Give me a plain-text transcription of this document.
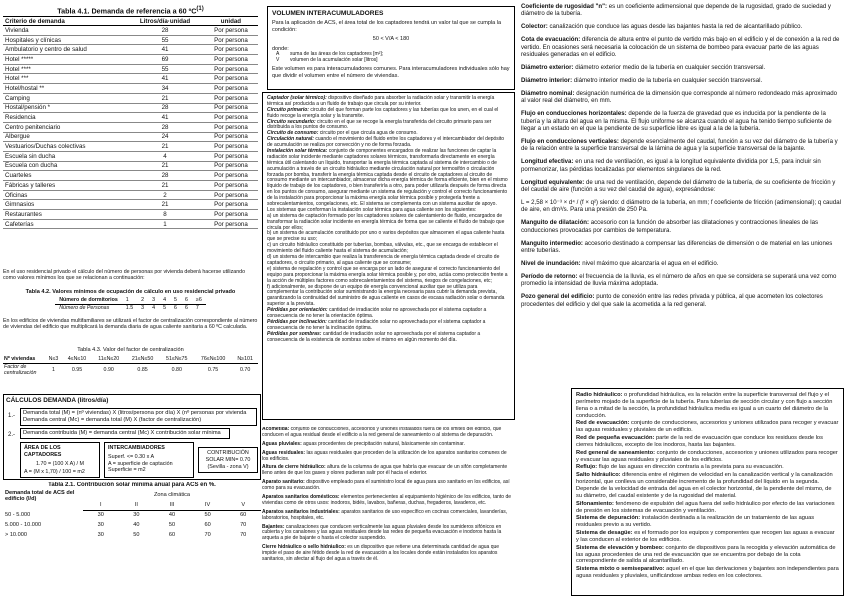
Tabla 4.1. Demanda de referencia a 60 ºC$^{(1)}$
Criterio de demanda	Litros/día·unidad	unidad
Vivienda	28	Por persona
Hospitales y clínicas	55	Por persona
Ambulatorio y centro de salud	41	Por persona
Hotel *****	69	Por persona
Hotel ****	55	Por persona
Hotel ***	41	Por persona
Hotel/hostal **	34	Por persona
Camping	21	Por persona
Hostal/pensión *	28	Por persona
Residencia	41	Por persona
Centro penitenciario	28	Por persona
Albergue	24	Por persona
Vestuarios/Duchas colectivas	21	Por persona
Escuela sin ducha	4	Por persona
Escuela con ducha	21	Por persona
Cuarteles	28	Por persona
Fábricas y talleres	21	Por persona
Oficinas	2	Por persona
Gimnasios	21	Por persona
Restaurantes	8	Por persona
Cafeterías	1	Por persona
En el uso residencial privado el cálculo del número de personas por vivienda deberá hacerse utilizando como valores mínimos los que se relacionan a continuación:
Tabla 4.2. Valores mínimos de ocupación de cálculo en uso residencial privado
Número de dormitorios	1	2	3	4	5	6	≥6
Número de Personas	1.5	3	4	5	6	6	7
En los edificios de viviendas multifamiliares se utilizará el factor de centralización correspondiente al número de viviendas del edificio que multiplicará la demanda diaria de agua caliente sanitaria a 60 ºC calculada.
Tabla 4.3. Valor del factor de centralización
Nº viviendas	N≤3	4≤N≤10	11≤N≤20	21≤N≤50	51≤N≤75	76≤N≤100	N≥101
Factor de centralización	1	0.95	0.90	0.85	0.80	0.75	0.70
CÁLCULOS DEMANDA (litros/día)
1.- Demanda total (M) = (nº viviendas) X (litros/persona por día) X (nº personas por vivienda
Demanda central (Mc) = demanda total (M) X (factor de centralización)
2.-	Demanda contribuida (M) = demanda central (Mc) X contribución solar mínima
ÁREA DE LOS CAPTADORES
1.70 = (100 X A) / M
A = (M x 1,70) / 100 = m2
INTERCAMBIADORES
Superf. <= 0.30 x A
A = superficie de captación
Superficie = m2
CONTRIBUCIÓN
SOLAR MIN= 0.70
(Sevilla - zona V)
Tabla 2.1. Contribución solar mínima anual para ACS en %.
Demanda total de ACS del edificio (l/d)	Zona climática				
	I	II	III	IV	V
50 - 5.000	30	30	40	50	60
5.000 - 10.000	30	40	50	60	70
> 10.000	30	50	60	70	70
VOLUMEN INTERACUMULADORES
Para la aplicación de ACS, el área total de los captadores tendrá un valor tal que se cumpla la condición:
50 < V/A < 180
donde:
A suma de las áreas de los captadores [m²];
V volumen de la acumulación solar [litros]
Este volumen es para interacumuladores comunes. Para interacumuladores individuales sólo hay que dividir el volumen entre el número de viviendas.

Captador (solar térmico): dispositivo diseñado para absorber la radiación solar y transmitir la energía térmica así producida a un fluido de trabajo que circula por su interior.

Circuito primario: circuito del que forman parte los captadores y las tuberías que los unen, en el cual el fluido recoge la energía solar y la transmite.

Circuito secundario: circuito en el que se recoge la energía transferida del circuito primario para ser distribuida a los puntos de consumo.

Circuito de consumo: circuito por el que circula agua de consumo.

Circulación natural: cuando el movimiento del fluido entre los captadores y el intercambiador del depósito de acumulación se realiza por convección y no de forma forzada.

Instalación solar térmica: conjunto de componentes encargados de realizar las funciones de captar la radiación solar incidente mediante captadores solares térmicos, transformarla directamente en energía térmica útil calentando un líquido, transportar la energía térmica captada al sistema de intercambio o de acumulación a través de un circuito hidráulico mediante circulación natural por termosifón o circulación forzada por bomba, transferir la energía térmica captada desde el circuito de captadores al circuito de consumo mediante un intercambiador, almacenar dicha energía térmica de forma eficiente, bien en el mismo líquido de trabajo de los captadores, o bien transferirla a otro, para poder utilizarla después de forma directa en los puntos de consumo, asegurar mediante un sistema de regulación y control el correcto funcionamiento de la instalación para proporcionar la máxima energía solar térmica posible y protegerla frente a sobrecalentamientos, congelaciones, etc. El sistema se complementa con un sistema auxiliar de apoyo.

Los sistemas que conforman la instalación solar térmica para agua caliente son los siguientes:

a) un sistema de captación formado por los captadores solares de calentamiento de fluido, encargados de transformar la radiación solar incidente en energía térmica de forma que se caliente el fluido de trabajo que circula por ellos;

b) un sistema de acumulación constituido por uno o varios depósitos que almacenen el agua caliente hasta que se precise su uso;

c) un circuito hidráulico constituido por tuberías, bombas, válvulas, etc., que se encarga de establecer el movimiento del fluido caliente hasta el sistema de acumulación;

d) un sistema de intercambio que realiza la transferencia de energía térmica captada desde el circuito de captadores, o circuito primario, al agua caliente que se consume;

e) sistema de regulación y control que se encarga por un lado de asegurar el correcto funcionamiento del equipo para proporcionar la máxima energía solar térmica posible y, por otro, actúa como protección frente a la acción de múltiples factores como sobrecalentamientos del sistema, riesgos de congelaciones, etc;

f) adicionalmente, se dispone de un equipo de energía convencional auxiliar que se utiliza para complementar la contribución solar suministrando la energía necesaria para cubrir la demanda prevista, garantizando la continuidad del suministro de agua caliente en casos de escasa radiación solar o demanda superior a la prevista.

Pérdidas por orientación: cantidad de irradiación solar no aprovechada por el sistema captador a consecuencia de no tener la orientación óptima.

Pérdidas por inclinación: cantidad de irradiación solar no aprovechada por el sistema captador a consecuencia de no tener la inclinación óptima.

Pérdidas por sombras: cantidad de irradiación solar no aprovechada por el sistema captador a consecuencia de la existencia de sombras sobre el mismo en algún momento del día.

Acometida: conjunto de conducciones, accesorios y uniones instalados fuera de los límites del edificio, que conducen el agua residual desde el edificio a la red general de saneamiento o al sistema de depuración.

Aguas pluviales: aguas procedentes de precipitación natural, básicamente sin contaminar.

Aguas residuales: las aguas residuales que proceden de la utilización de los aparatos sanitarios comunes de los edificios.

Altura de cierre hidráulico: altura de la columna de agua que habría que evacuar de un sifón completamente lleno antes de que los gases y olores pudieran salir por él hacia el exterior.

Aparato sanitario: dispositivo empleado para el suministro local de agua para uso sanitario en los edificios, así como para su evacuación.

Aparatos sanitarios domésticos: elementos pertenecientes al equipamiento higiénico de los edificios, tanto de viviendas como de otros usos: inodoros, bidés, lavabos, bañeras, duchas, fregaderos, lavaderos, etc.

Aparatos sanitarios industriales: aparatos sanitarios de uso específico en cocinas comerciales, lavanderías, laboratorios, hospitales, etc.

Bajantes: canalizaciones que conducen verticalmente las aguas pluviales desde los sumideros sifónicos en cubierta y los canalones y las aguas residuales desde las redes de pequeña evacuación e inodoros hasta la arqueta a pie de bajante o hasta el colector suspendido.

Cierre hidráulico o sello hidráulico: es un dispositivo que retiene una determinada cantidad de agua que impide el paso de aire fétido desde la red de evacuación a los locales donde están instalados los aparatos sanitarios, sin afectar al flujo del agua a través de él.

Coeficiente de rugosidad "n": es un coeficiente adimensional que depende de la rugosidad, grado de suciedad y diámetro de la tubería.

Colector: canalización que conduce las aguas desde las bajantes hasta la red de alcantarillado público.

Cota de evacuación: diferencia de altura entre el punto de vertido más bajo en el edificio y el de conexión a la red de vertido. En ocasiones será necesaria la colocación de un sistema de bombeo para evacuar parte de las aguas residuales generadas en el edificio.

Diámetro exterior: diámetro exterior medio de la tubería en cualquier sección transversal.

Diámetro interior: diámetro interior medio de la tubería en cualquier sección transversal.

Diámetro nominal: designación numérica de la dimensión que corresponde al número redondeado más aproximado al valor real del diámetro, en mm.

Flujo en conducciones horizontales: depende de la fuerza de gravedad que es inducida por la pendiente de la tubería y la altura del agua en la misma. El flujo uniforme se alcanza cuando el agua ha tenido tiempo suficiente de llegar a un estado en el que la pendiente de su superficie libre es igual a la de la tubería.

Flujo en conducciones verticales: depende esencialmente del caudal, función a su vez del diámetro de la tubería y de la relación entre la superficie transversal de la lámina de agua y la superficie transversal de la bajante.

Longitud efectiva: en una red de ventilación, es igual a la longitud equivalente dividida por 1,5, para incluir sin pormenorizar, las pérdidas localizadas por elementos singulares de la red.

Longitud equivalente: de una red de ventilación, depende del diámetro de la tubería, de su coeficiente de fricción y del caudal de aire (función a su vez del caudal de agua), expresándose:

L = 2,58 × 10⁻³ × d⁴ / (f × q²) siendo: d diámetro de la tubería, en mm; f coeficiente de fricción (adimensional); q caudal de aire, en dm³/s. Para una presión de 250 Pa.

Manguito de dilatación: accesorio con la función de absorber las dilataciones y contracciones lineales de las conducciones provocadas por cambios de temperatura.

Manguito intermedio: accesorio destinado a compensar las diferencias de dimensión o de material en las uniones entre tuberías.

Nivel de inundación: nivel máximo que alcanzaría el agua en el edificio.

Período de retorno: el frecuencia de la lluvia, es el número de años en que se considera se superará una vez como promedio la intensidad de lluvia máxima adoptada.

Pozo general del edificio: punto de conexión entre las redes privada y pública, al que acometen los colectores procedentes del edificio y del que sale la acometida a la red general.

Radio hidráulico: o profundidad hidráulica, es la relación entre la superficie transversal del flujo y el perímetro mojado de la superficie de la tubería. Para tuberías de sección circular y con flujo a sección llena o a mitad de la sección, la profundidad hidráulica media es igual a un cuarto del diámetro de la conducción.

Red de evacuación: conjunto de conducciones, accesorios y uniones utilizados para recoger y evacuar las aguas residuales y pluviales de un edificio.

Red de pequeña evacuación: parte de la red de evacuación que conduce los residuos desde los cierres hidráulicos, excepto de los inodoros, hasta las bajantes.

Red general de saneamiento: conjunto de conducciones, accesorios y uniones utilizados para recoger y evacuar las aguas residuales y pluviales de los edificios.

Reflujo: flujo de las aguas en dirección contraria a la prevista para su evacuación.

Salto hidráulico: diferencia entre el régimen de velocidad en la canalización vertical y la canalización horizontal, que conlleva un considerable incremento de la profundidad del líquido en la segunda. Depende de la velocidad de entrada del agua en el colector horizontal, de la pendiente del mismo, de su diámetro, del caudal existente y de la rugosidad del material.

Sifonamiento: fenómeno de expulsión del agua fuera del sello hidráulico por efecto de las variaciones de presión en los sistemas de evacuación y ventilación.

Sistema de depuración: instalación destinada a la realización de un tratamiento de las aguas residuales previo a su vertido.

Sistema de desagüe: es el formado por los equipos y componentes que recogen las aguas a evacuar y las conducen al exterior de los edificios.

Sistema de elevación y bombeo: conjunto de dispositivos para la recogida y elevación automática de las aguas procedentes de una red de evacuación que se encuentra por debajo de la cota correspondiente de salida al alcantarillado.

Sistema mixto o semiseparativo: aquel en el que las derivaciones y bajantes son independientes para aguas residuales y pluviales, unificándose ambas redes en los colectores.
